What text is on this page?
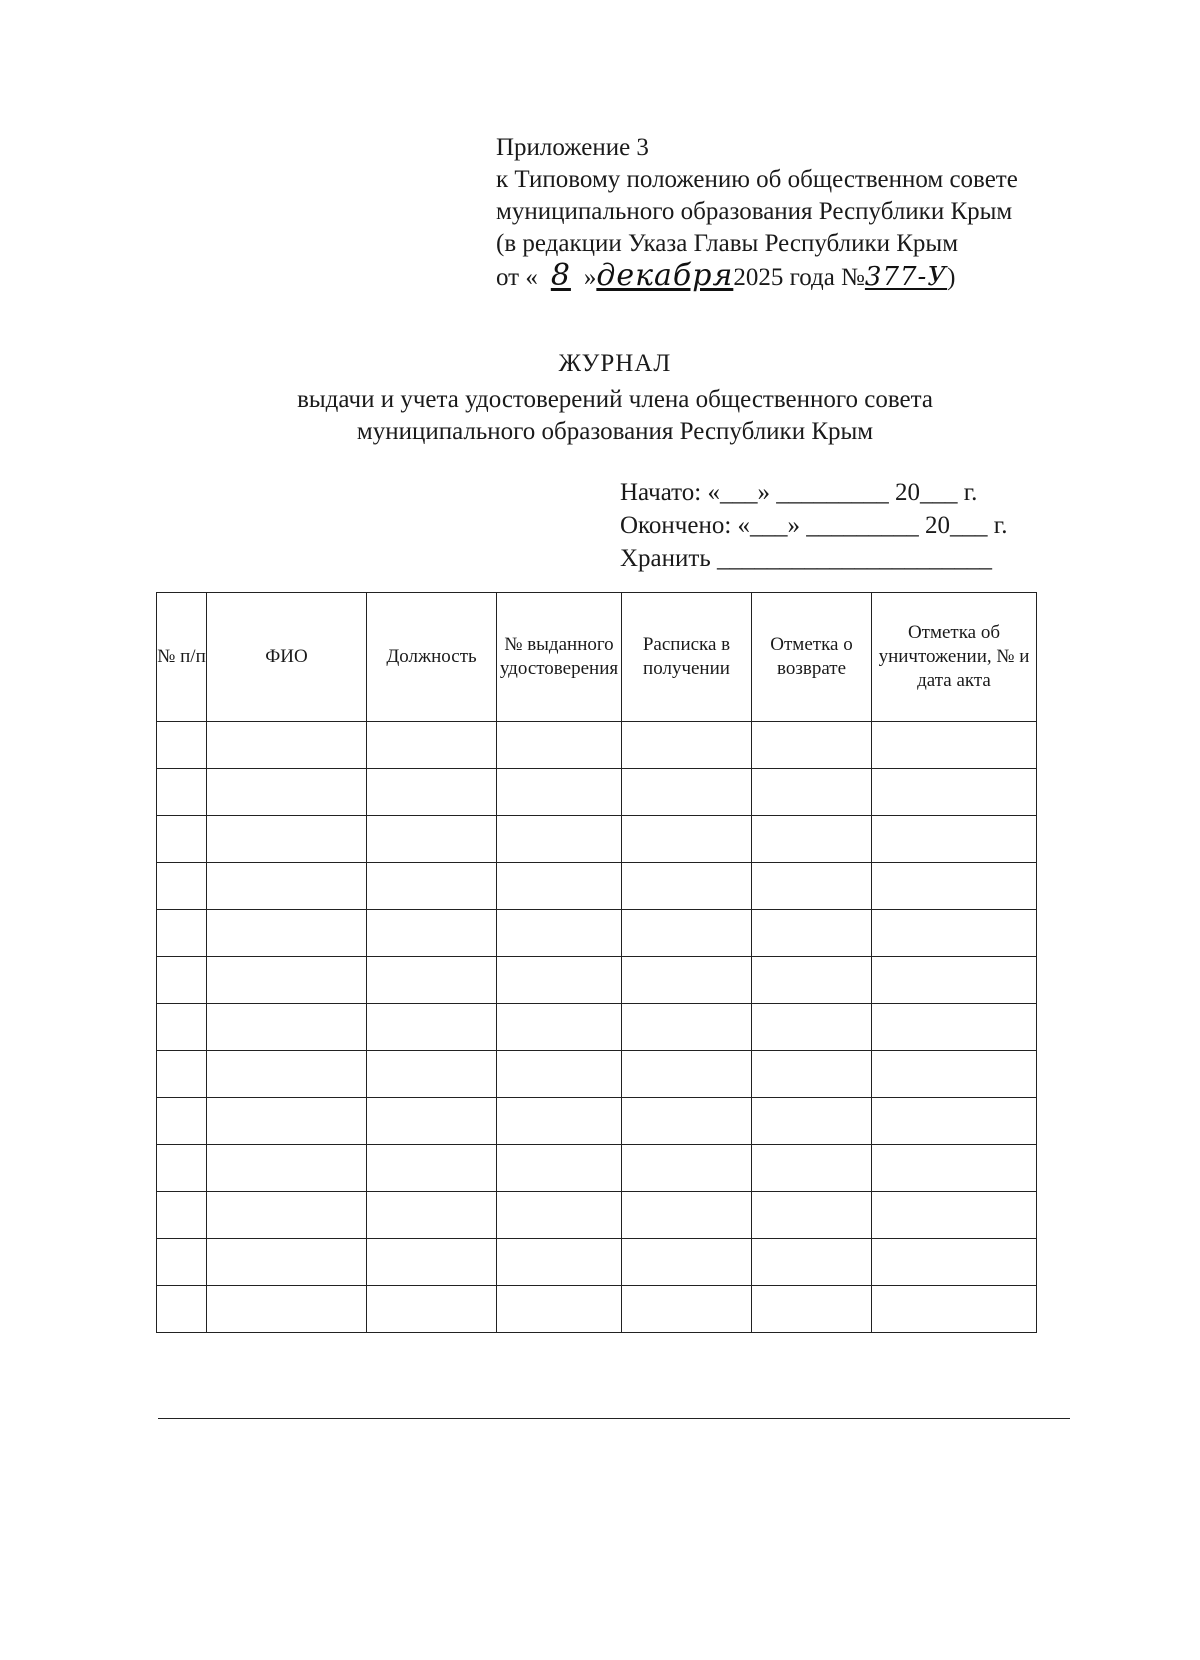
Приложение 3
к Типовому положению об общественном совете
муниципального образования Республики Крым
(в редакции Указа Главы Республики Крым
от « 8 »декабря2025 года №377-У)
ЖУРНАЛ
выдачи и учета удостоверений члена общественного совета
муниципального образования Республики Крым
Начато: «___» _________ 20___ г.
Окончено: «___» _________ 20___ г.
Хранить ______________________
№ п/п	ФИО	Должность	№ выданного удостоверения	Расписка в получении	Отметка о возврате	Отметка об уничтожении, № и дата акта
